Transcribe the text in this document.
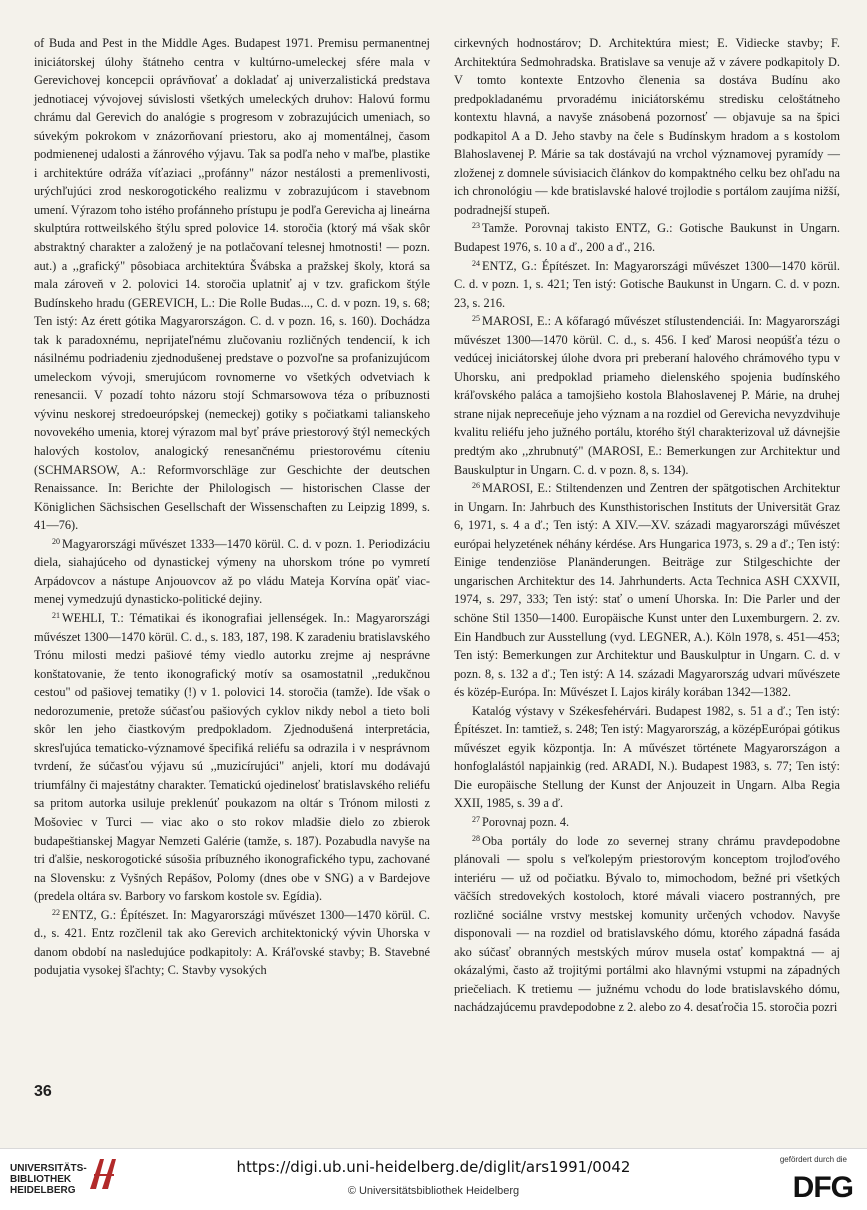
of Buda and Pest in the Middle Ages. Budapest 1971. Premisu permanentnej iniciátorskej úlohy štátneho centra v kultúrno-umeleckej sfére mala v Gerevichovej koncepcii oprávňovať a dokladať aj univerzalistická predstava jednotiacej vývojovej súvislosti všetkých umeleckých druhov: Halovú formu chrámu dal Gerevich do analógie s progresom v zobrazujúcich umeniach, so súvekým pokrokom v znázorňovaní priestoru, ako aj momentálnej, časom podmienenej udalosti a žánrového výjavu. Tak sa podľa neho v maľbe, plastike i architektúre odráža víťaziaci ,,profánny" názor nestálosti a premenlivosti, urýchľujúci zrod neskorogotického realizmu v zobrazujúcom i stavebnom umení. Výrazom toho istého profánneho prístupu je podľa Gerevicha aj lineárna skulptúra rottweilského štýlu spred polovice 14. storočia (ktorý má však skôr abstraktný charakter a založený je na potlačovaní telesnej hmotnosti! — pozn. aut.) a ,,grafický" pôsobiaca architektúra Švábska a pražskej školy, ktorá sa mala zároveň v 2. polovici 14. storočia uplatniť aj v tzv. graficko​m štýle Budínskeho hradu (GEREVICH, L.: Die Rolle Budas..., C. d. v pozn. 19, s. 68; Ten istý: Az érett gótika Magyarországon. C. d. v pozn. 16, s. 160). Dochádza tak k paradoxnému, neprijateľnému zlučovaniu rozličných tendencií, k ich násilnému podriadeniu zjednodušenej predstave o pozvoľne sa profanizujúcom umeleckom vývoji, smerujúcom rovnomerne vo všetkých odvetviach k renesancii. V pozadí tohto názoru stojí Schmarsowova téza o príbuznosti vývinu neskorej stredoeurópskej (nemeckej) gotiky s počiatkami talianskeho novovekého umenia, ktorej výrazom mal byť práve priestorový štýl nemeckých halových kostolov, analogický renesančnému priestorovému cíteniu (SCHMARSOW, A.: Reformvorschläge zur Geschichte der deutschen Renaissance. In: Berichte der Philologisch — historischen Classe der Königlichen Sächsischen Gesellschaft der Wissenschaften zu Leipzig 1899, s. 41—76).

$^{20}$ Magyarországi művészet 1333—1470 körül. C. d. v pozn. 1. Periodizáciu diela, siahajúceho od dynastickej výmeny na uhorskom tróne po vymretí Arpádovcov a nástupe Anjouovcov až po vládu Mateja Korvína opäť viac-menej vymedzujú dynasticko-politické dejiny.

$^{21}$ WEHLI, T.: Tématikai és ikonografiai jellenségek. In.: Magyarországi művészet 1300—1470 körül. C. d., s. 183, 187, 198. K zaradeniu bratislavského Trónu milosti medzi pašiové témy viedlo autorku zrejme aj nesprávne konštatovanie, že tento ikonografický motív sa osamostatnil ,,redukčnou cestou" od pašiovej tematiky (!) v 1. polovici 14. storočia (tamže). Ide však o nedorozumenie, pretože súčasťou pašiových cyklov nikdy nebol a tieto boli skôr len jeho čiastkovým predpokladom. Zjednodušená interpretácia, skresľujúca tematicko-významové špecifiká reliéfu sa odrazila i v nesprávnom tvrdení, že súčasťou výjavu sú ,,muzicírujúci" anjeli, ktorí mu dodávajú triumfálny či majestátny charakter. Tematickú ojedinelosť bratislavského reliéfu sa pritom autorka usiluje preklenúť poukazom na oltár s Trónom milosti z Mošoviec v Turci — viac ako o sto rokov mladšie dielo zo zbierok budapeštianskej Magyar Nemzeti Galérie (tamže, s. 187). Pozabudla navyše na tri ďalšie, neskorogotické súsošia príbuzného ikonografického typu, zachované na Slovensku: z Vyšných Repášov, Polomy (dnes obe v SNG) a v Bardejove (predela oltára sv. Barbory vo farskom kostole sv. Egídia).

$^{22}$ ENTZ, G.: Építészet. In: Magyarországi művészet 1300—1470 körül. C. d., s. 421. Entz rozčlenil tak ako Gerevich architektonický vývin Uhorska v danom období na nasledujúce podkapitoly: A. Kráľovské stavby; B. Stavebné podujatia vysokej šľachty; C. Stavby vysokých

cirkevných hodnostárov; D. Architektúra miest; E. Vidiecke stavby; F. Architektúra Sedmohradska. Bratislave sa venuje až v závere podkapitoly D. V tomto kontexte Entzovho členenia sa dostáva Budínu ako predpokladanému prvoradému iniciátorskému stredisku celoštátneho kontextu hlavná, a navyše znásobená pozornosť — objavuje sa na špici podkapitol A a D. Jeho stavby na čele s Budínskym hradom a s kostolom Blahoslavenej P. Márie sa tak dostávajú na vrchol významovej pyramídy — zloženej z domnele súvisiacich článkov do kompaktného celku bez ohľadu na ich chronológiu — kde bratislavské halové trojlodie s portálom zaujíma nižší, podradnejší stupeň.

$^{23}$ Tamže. Porovnaj takisto ENTZ, G.: Gotische Baukunst in Ungarn. Budapest 1976, s. 10 a ď., 200 a ď., 216.

$^{24}$ ENTZ, G.: Építészet. In: Magyarországi művészet 1300—1470 körül. C. d. v pozn. 1, s. 421; Ten istý: Gotische Baukunst in Ungarn. C. d. v pozn. 23, s. 216.

$^{25}$ MAROSI, E.: A kőfaragó művészet stílustendenciái. In: Magyarországi művészet 1300—1470 körül. C. d., s. 456. I keď Marosi neopúšťa tézu o vedúcej iniciátorskej úlohe dvora pri preberaní halového chrámového typu v Uhorsku, ani predpoklad priameho dielenského spojenia budínského kráľovského paláca a tamojšieho kostola Blahoslavenej P. Márie, na druhej strane nijak nepreceňuje jeho význam a na rozdiel od Gerevicha nevyzdvihuje kvalitu reliéfu jeho južného portálu, ktorého štýl charakterizoval už dávnejšie predtým ako ,,zhrubnutý" (MAROSI, E.: Bemerkungen zur Architektur und Bauskulptur in Ungarn. C. d. v pozn. 8, s. 134).

$^{26}$ MAROSI, E.: Stiltendenzen und Zentren der spätgotischen Architektur in Ungarn. In: Jahrbuch des Kunsthistorischen Instituts der Universität Graz 6, 1971, s. 4 a ď.; Ten istý: A XIV.—XV. századi magyarországi művészet európai helyzetének néhány kérdése. Ars Hungarica 1973, s. 29 a ď.; Ten istý: Einige tendenziöse Planänderungen. Beiträge zur Stilgeschichte der ungarischen Architektur des 14. Jahrhunderts. Acta Technica ASH CXXVII, 1974, s. 297, 333; Ten istý: stať o umení Uhorska. In: Die Parler und der schöne Stil 1350—1400. Europäische Kunst unter den Luxemburgern. 2. zv. Ein Handbuch zur Ausstellung (vyd. LEGNER, A.). Köln 1978, s. 451—453; Ten istý: Bemerkungen zur Architektur und Bauskulptur in Ungarn. C. d. v pozn. 8, s. 132 a ď.; Ten istý: A 14. századi Magyarország udvari művészete és közép-Európa. In: Művészet I. Lajos király korában 1342—1382.

Katalóg výstavy v Székesfehérvári. Budapest 1982, s. 51 a ď.; Ten istý: Építészet. In: tamtiež, s. 248; Ten istý: Magyarország, a középEurópai gótikus művészet egyik központja. In: A művészet története Magyarországon a honfoglalástól napjainkig (red. ARADI, N.). Budapest 1983, s. 77; Ten istý: Die europäische Stellung der Kunst der Anjouzeit in Ungarn. Alba Regia XXII, 1985, s. 39 a ď.

$^{27}$ Porovnaj pozn. 4.

$^{28}$ Oba portály do lode zo severnej strany chrámu pravdepodobne plánovali — spolu s veľkolepým priestorovým konceptom trojloďového interiéru — už od počiatku. Bývalo to, mimochodom, bežné pri všetkých väčších stredovekých kostoloch, ktoré mávali viacero postranných, pre rozličné sociálne vrstvy mestskej komunity určených vchodov. Navyše disponovali — na rozdiel od bratislavského dómu, ktorého západná fasáda ako súčasť obranných mestských múrov musela ostať kompaktná — aj okázalými, často až trojitými portálmi ako hlavnými vstupmi na západných priečeliach. K tretiemu — južnému vchodu do lode bratislavského dómu, nachádzajúcemu pravdepodobne z 2. alebo zo 4. desaťročia 15. storočia pozri

36
UNIVERSITÄTS-
BIBLIOTHEK
HEIDELBERG
https://digi.ub.uni-heidelberg.de/diglit/ars1991/0042
© Universitätsbibliothek Heidelberg
gefördert durch die
DFG
